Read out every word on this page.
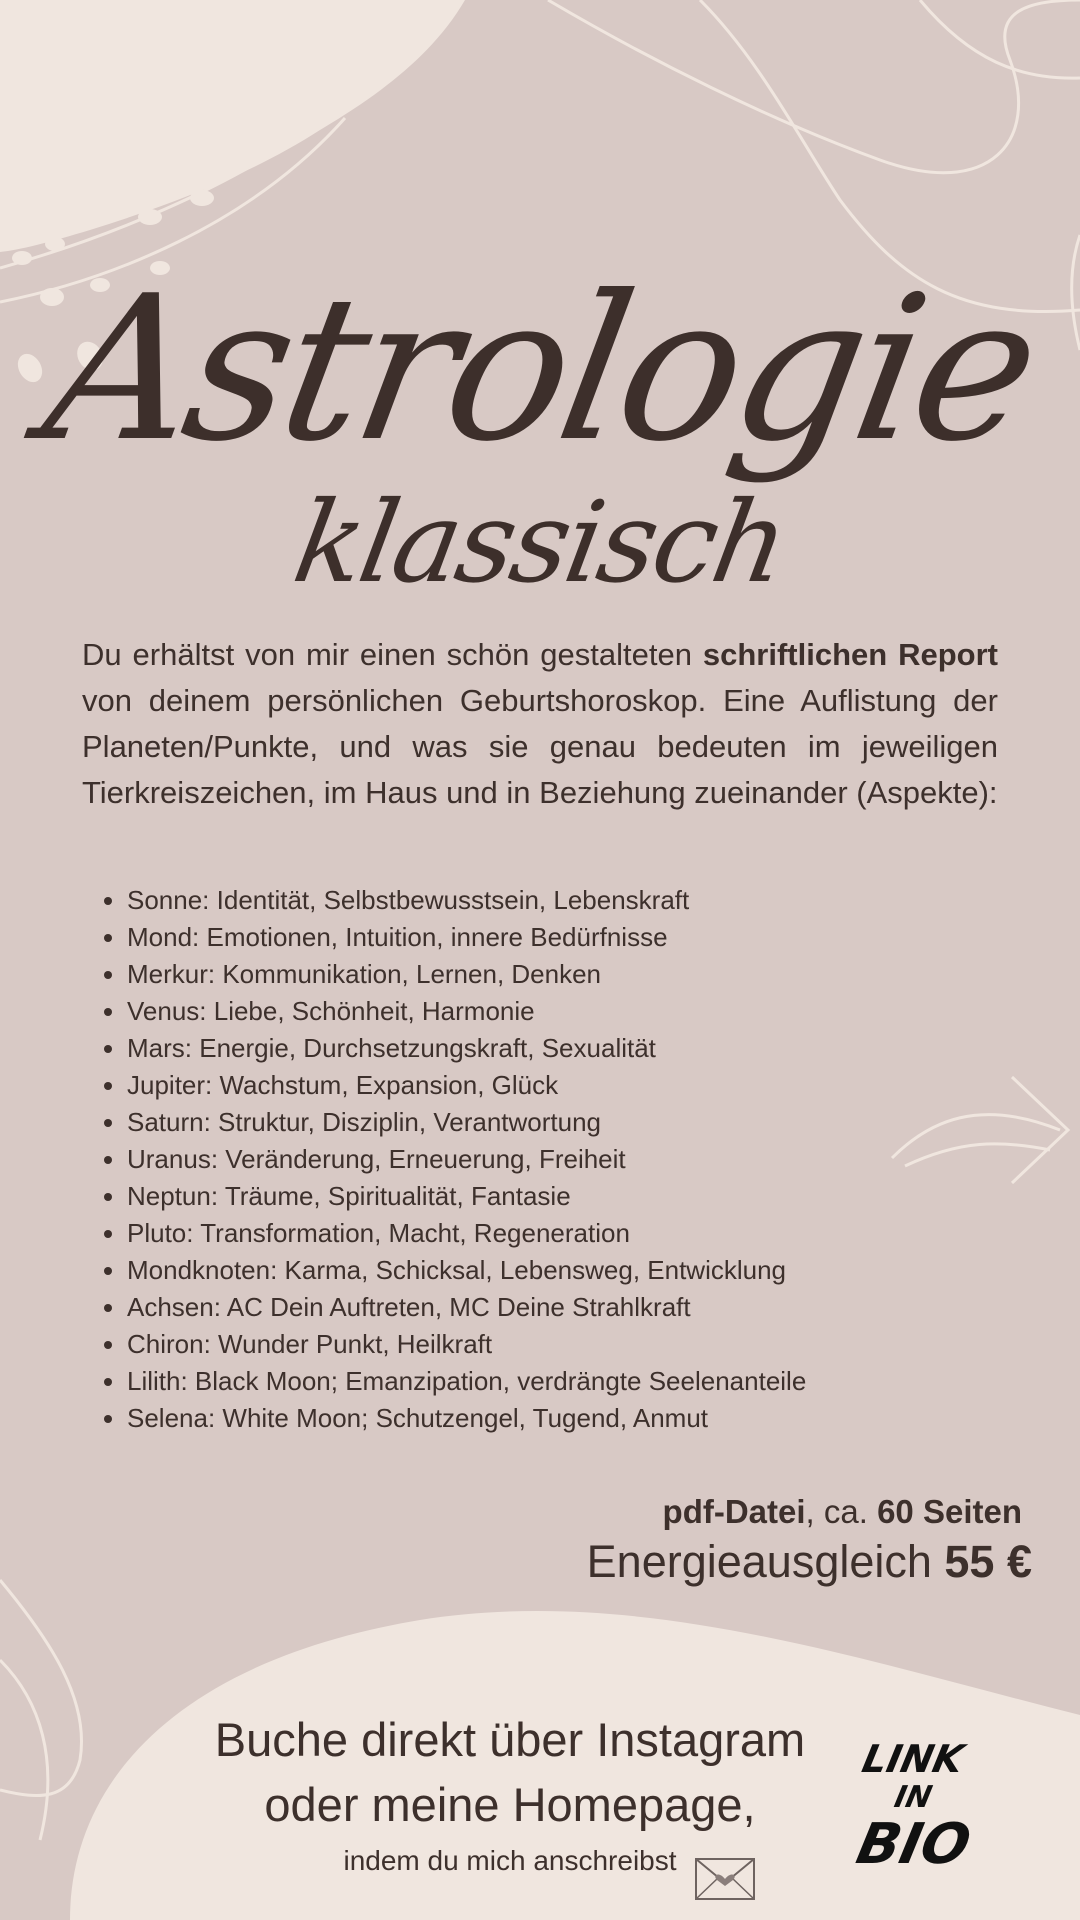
Astrologie
klassisch
Du erhältst von mir einen schön gestalteten schriftlichen Report von deinem persönlichen Geburtshoroskop. Eine Auflistung der Planeten/Punkte, und was sie genau bedeuten im jeweiligen Tierkreiszeichen, im Haus und in Beziehung zueinander (Aspekte):
• Sonne: Identität, Selbstbewusstsein, Lebenskraft
• Mond: Emotionen, Intuition, innere Bedürfnisse
• Merkur: Kommunikation, Lernen, Denken
• Venus: Liebe, Schönheit, Harmonie
• Mars: Energie, Durchsetzungskraft, Sexualität
• Jupiter: Wachstum, Expansion, Glück
• Saturn: Struktur, Disziplin, Verantwortung
• Uranus: Veränderung, Erneuerung, Freiheit
• Neptun: Träume, Spiritualität, Fantasie
• Pluto: Transformation, Macht, Regeneration
• Mondknoten: Karma, Schicksal, Lebensweg, Entwicklung
• Achsen: AC Dein Auftreten, MC Deine Strahlkraft
• Chiron: Wunder Punkt, Heilkraft
• Lilith: Black Moon; Emanzipation, verdrängte Seelenanteile
• Selena: White Moon; Schutzengel, Tugend, Anmut
pdf-Datei, ca. 60 Seiten
Energieausgleich 55 €
Buche direkt über Instagram
oder meine Homepage,
indem du mich anschreibst
LINK
IN
BIO
